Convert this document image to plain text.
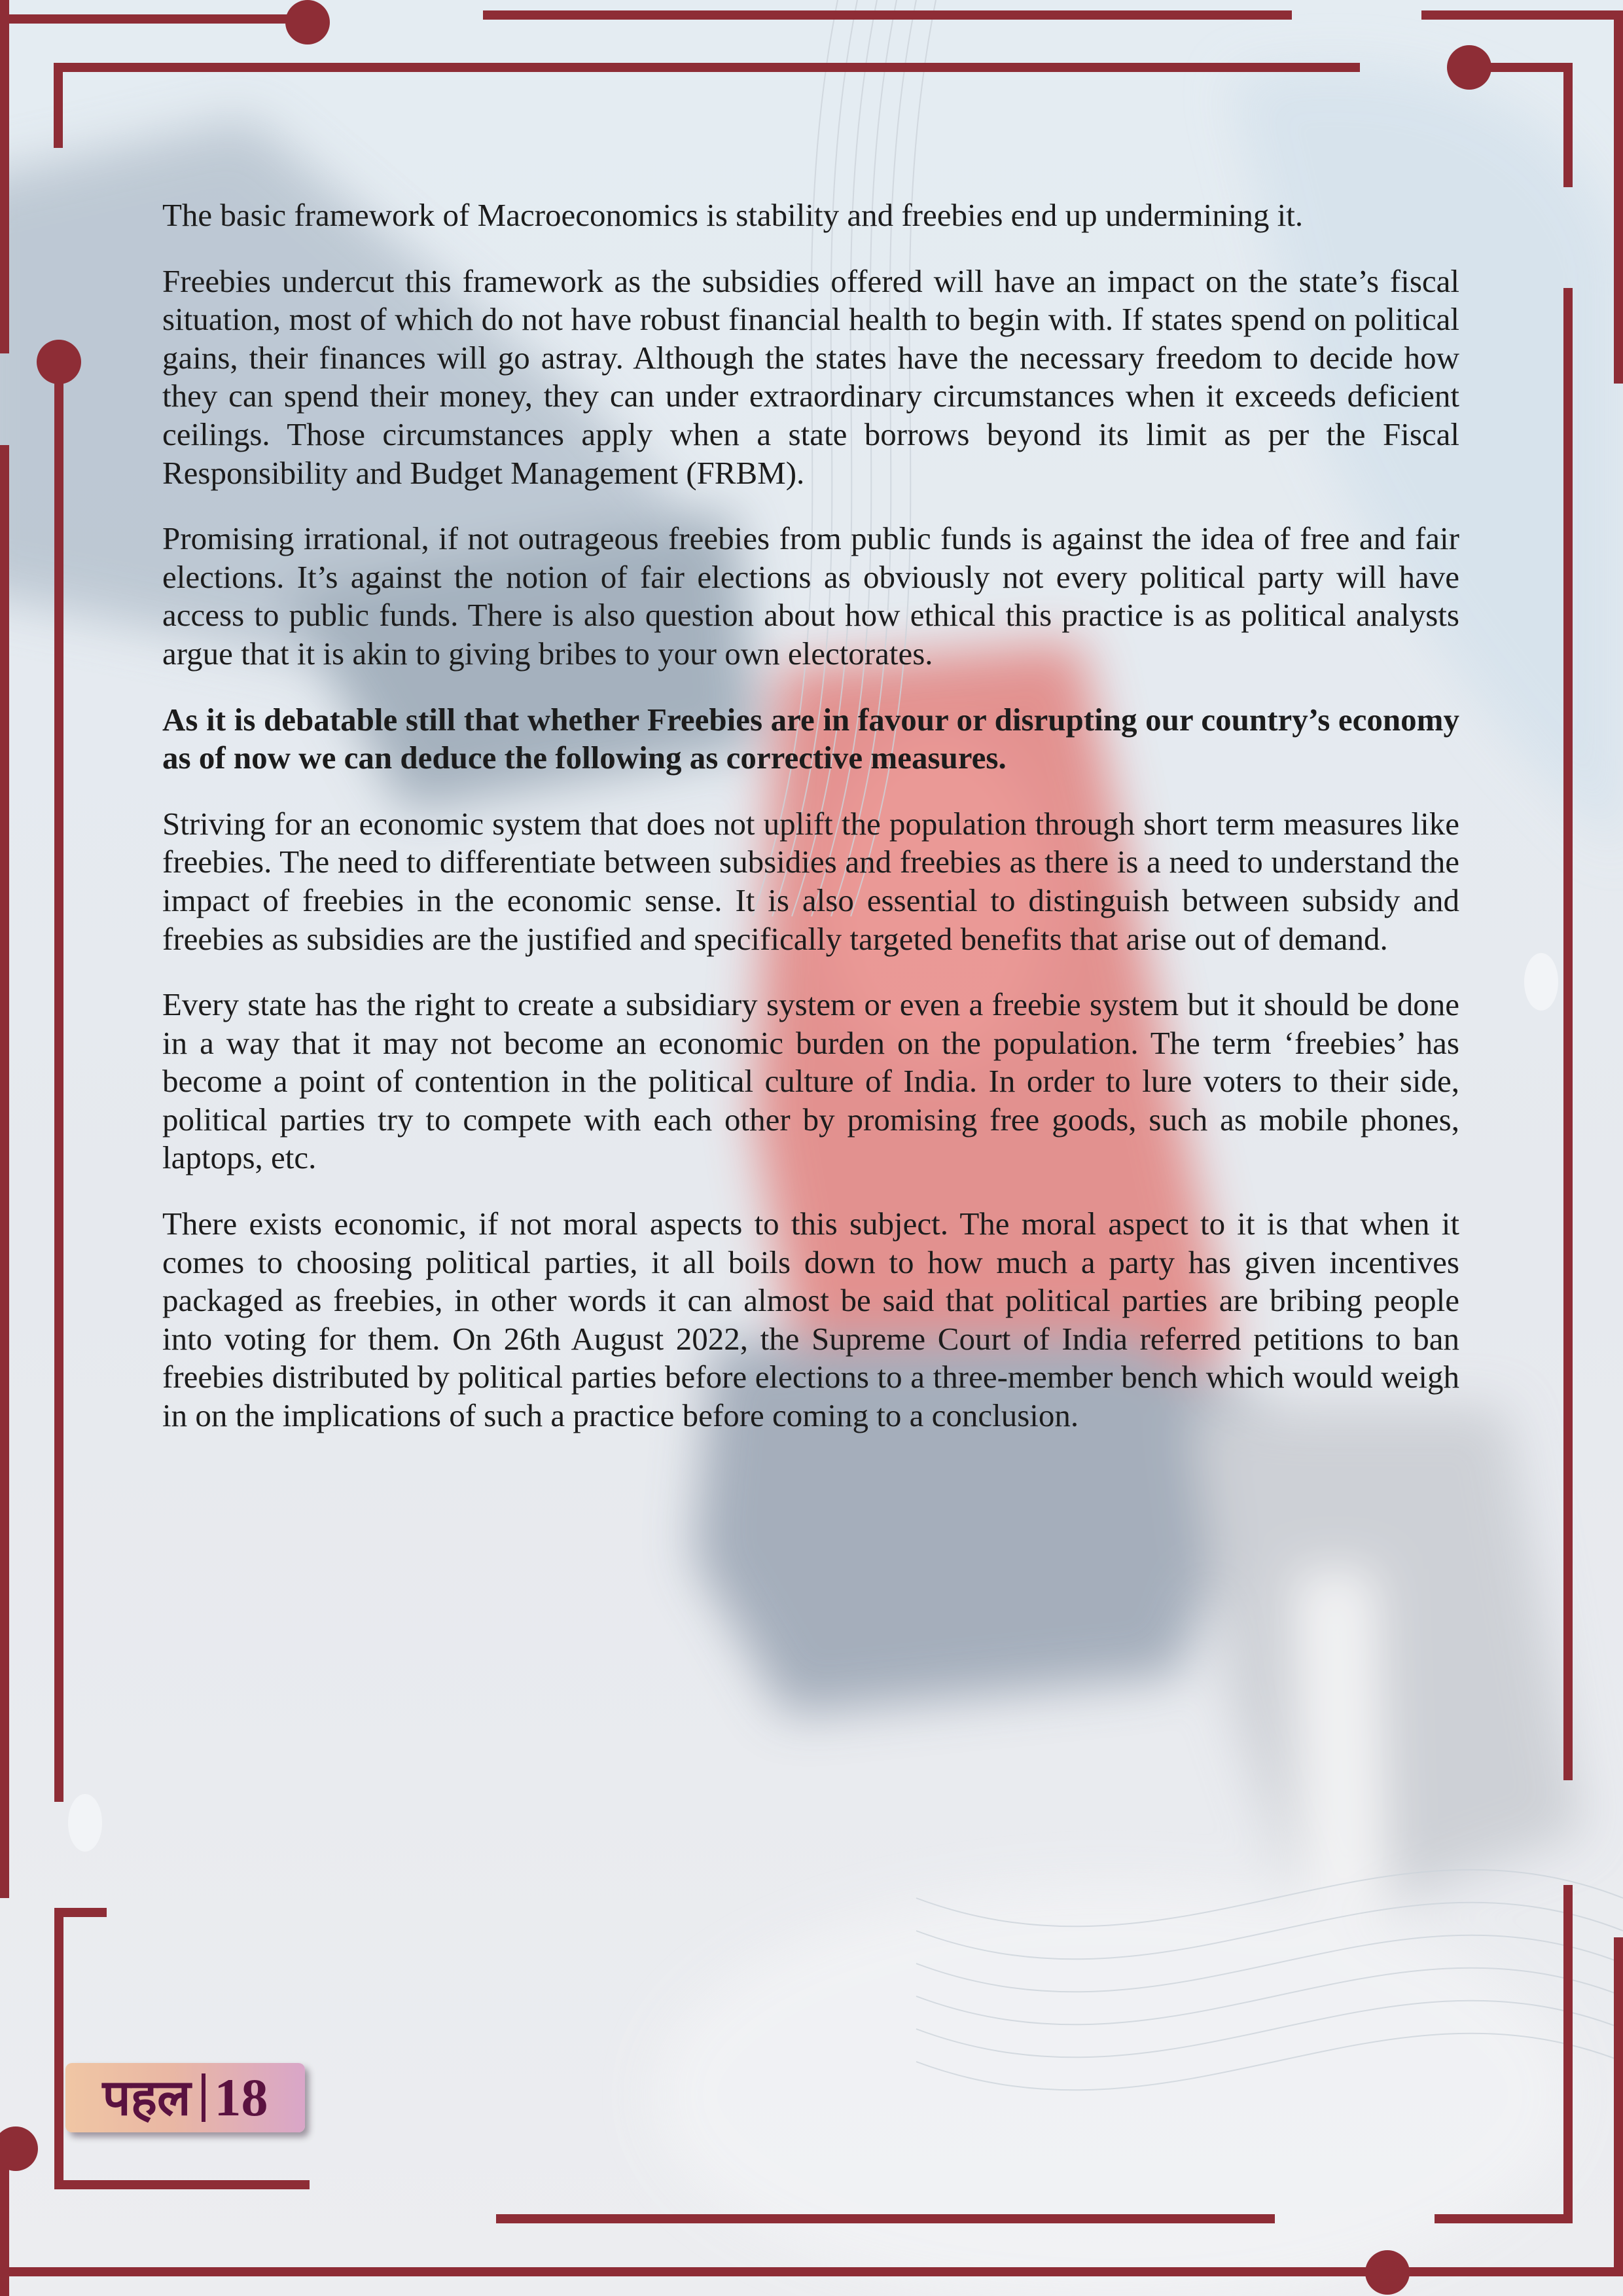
The basic framework of Macroeconomics is stability and freebies end up undermining it.

Freebies undercut this framework as the subsidies offered will have an impact on the state’s fiscal situation, most of which do not have robust financial health to begin with. If states spend on political gains, their finances will go astray. Although the states have the necessary freedom to decide how they can spend their money, they can under extraordinary circumstances when it exceeds deficient ceilings. Those circumstances apply when a state borrows beyond its limit as per the Fiscal Responsibility and Budget Management (FRBM).

Promising irrational, if not outrageous freebies from public funds is against the idea of free and fair elections. It’s against the notion of fair elections as obviously not every political party will have access to public funds. There is also question about how ethical this practice is as political analysts argue that it is akin to giving bribes to your own electorates.

As it is debatable still that whether Freebies are in favour or disrupting our country’s economy as of now we can deduce the following as corrective measures.

Striving for an economic system that does not uplift the population through short term measures like freebies. The need to differentiate between subsidies and freebies as there is a need to understand the impact of freebies in the economic sense. It is also essential to distinguish between subsidy and freebies as subsidies are the justified and specifically targeted benefits that arise out of demand.

Every state has the right to create a subsidiary system or even a freebie system but it should be done in a way that it may not become an economic burden on the population. The term ‘freebies’ has become a point of contention in the political culture of India. In order to lure voters to their side, political parties try to compete with each other by promising free goods, such as mobile phones, laptops, etc.

There exists economic, if not moral aspects to this subject. The moral aspect to it is that when it comes to choosing political parties, it all boils down to how much a party has given incentives packaged as freebies, in other words it can almost be said that political parties are bribing people into voting for them. On 26th August 2022, the Supreme Court of India referred petitions to ban freebies distributed by political parties before elections to a three-member bench which would weigh in on the implications of such a practice before coming to a conclusion.

पहल 18
